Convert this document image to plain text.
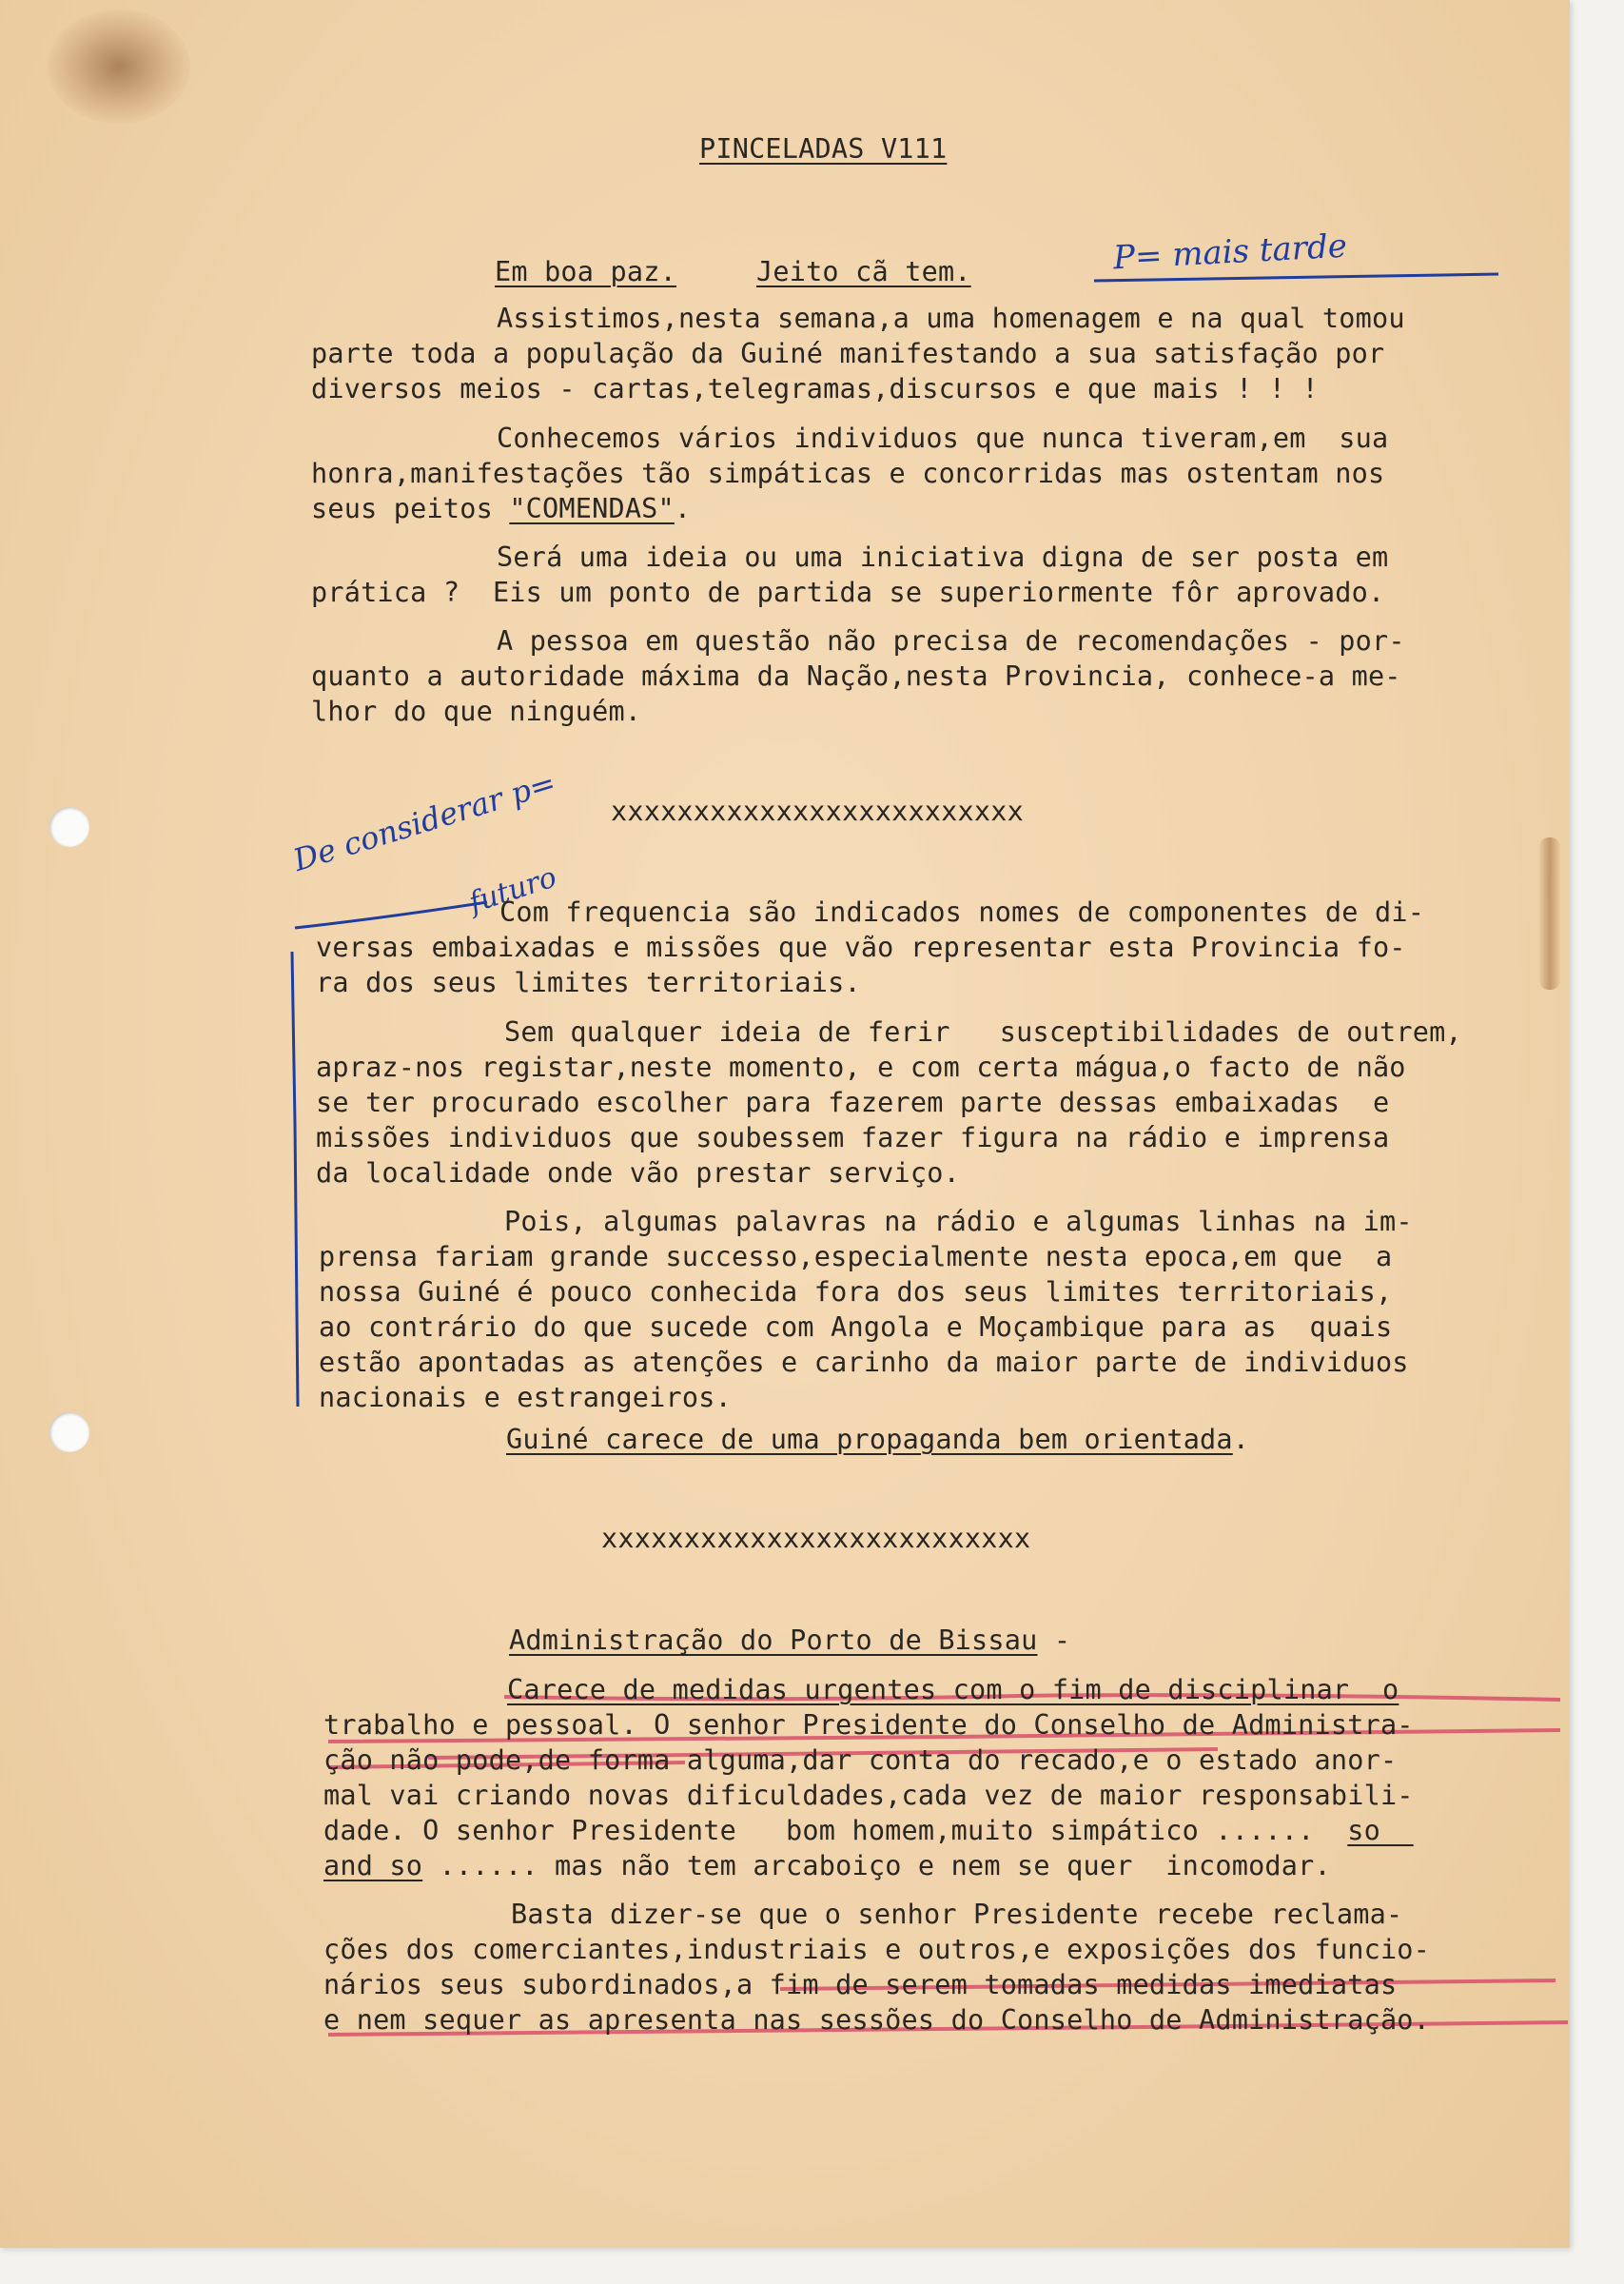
PINCELADAS V111
Em boa paz.	Jeito cã tem.	P= mais tarde
Assistimos,nesta semana,a uma homenagem e na qual tomou
parte toda a população da Guiné manifestando a sua satisfação por
diversos meios - cartas,telegramas,discursos e que mais ! ! !
Conhecemos vários individuos que nunca tiveram,em  sua
honra,manifestações tão simpáticas e concorridas mas ostentam nos
seus peitos "COMENDAS".
Será uma ideia ou uma iniciativa digna de ser posta em
prática ?  Eis um ponto de partida se superiormente fôr aprovado.
A pessoa em questão não precisa de recomendações - por-
quanto a autoridade máxima da Nação,nesta Provincia, conhece-a me-
lhor do que ninguém.
xxxxxxxxxxxxxxxxxxxxxxxxx
De considerar p=
futuro
Com frequencia são indicados nomes de componentes de di-
versas embaixadas e missões que vão representar esta Provincia fo-
ra dos seus limites territoriais.
Sem qualquer ideia de ferir   susceptibilidades de outrem,
apraz-nos registar,neste momento, e com certa mágua,o facto de não
se ter procurado escolher para fazerem parte dessas embaixadas  e
missões individuos que soubessem fazer figura na rádio e imprensa
da localidade onde vão prestar serviço.
Pois, algumas palavras na rádio e algumas linhas na im-
prensa fariam grande successo,especialmente nesta epoca,em que  a
nossa Guiné é pouco conhecida fora dos seus limites territoriais,
ao contrário do que sucede com Angola e Moçambique para as  quais
estão apontadas as atenções e carinho da maior parte de individuos
nacionais e estrangeiros.
Guiné carece de uma propaganda bem orientada.
xxxxxxxxxxxxxxxxxxxxxxxxxx
Administração do Porto de Bissau -
Carece de medidas urgentes com o fim de disciplinar  o
trabalho e pessoal. O senhor Presidente do Conselho de Administra-
ção não pode,de forma alguma,dar conta do recado,e o estado anor-
mal vai criando novas dificuldades,cada vez de maior responsabili-
dade. O senhor Presidente   bom homem,muito simpático ......  so
and so ...... mas não tem arcaboiço e nem se quer  incomodar.
Basta dizer-se que o senhor Presidente recebe reclama-
ções dos comerciantes,industriais e outros,e exposições dos funcio-
nários seus subordinados,a fim de serem tomadas medidas imediatas
e nem sequer as apresenta nas sessões do Conselho de Administração.
